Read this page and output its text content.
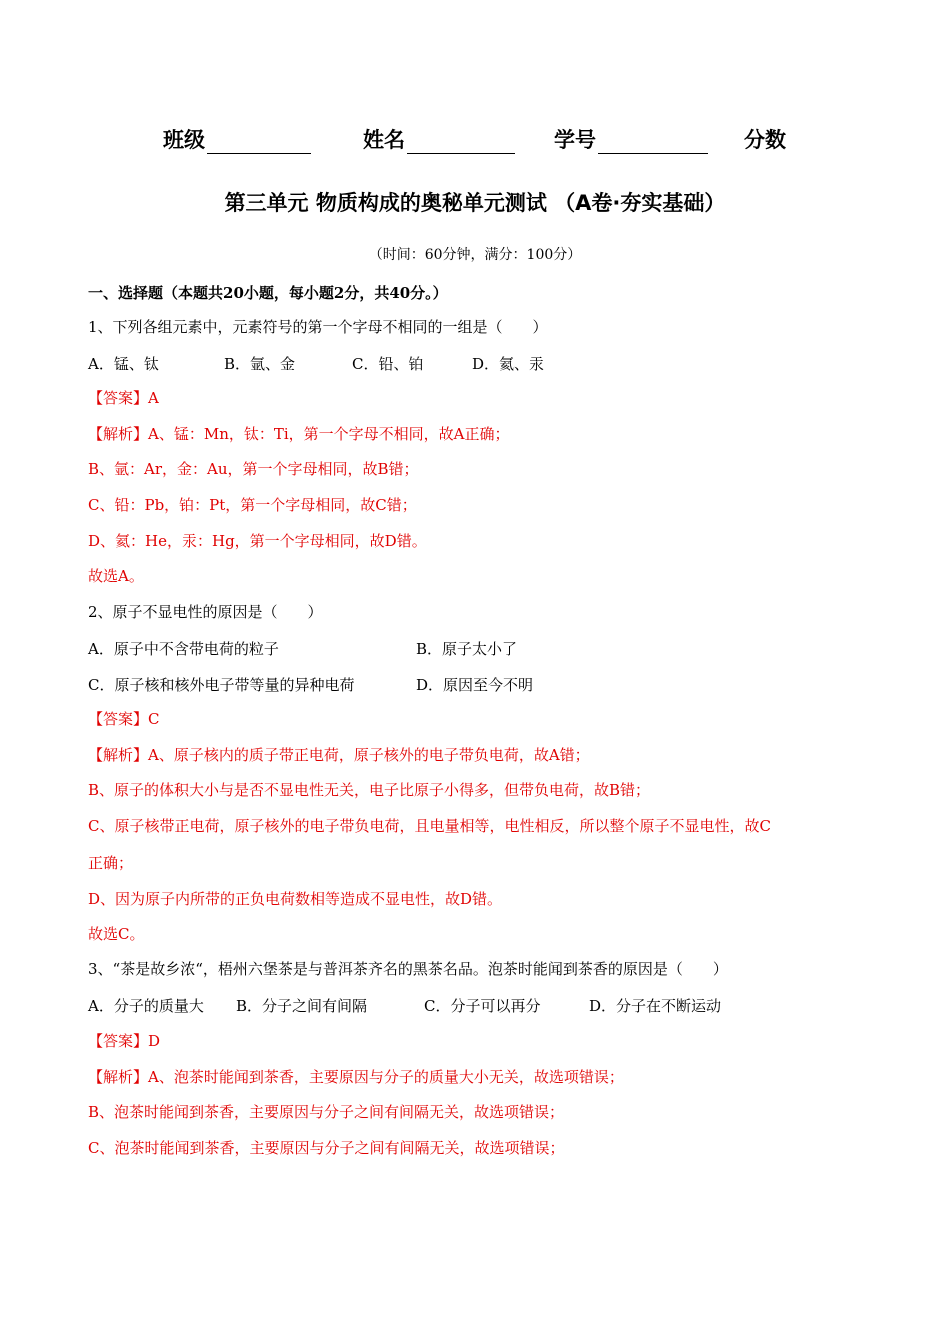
班级	姓名	学号	分数
第三单元 物质构成的奥秘单元测试 （A卷·夯实基础）
（时间：60分钟，满分：100分）
一、选择题（本题共20小题，每小题2分，共40分。）
1、下列各组元素中，元素符号的第一个字母不相同的一组是（　　）
A．锰、钛	B．氩、金	C．铅、铂	D．氦、汞
【答案】A
【解析】A、锰：Mn，钛：Ti，第一个字母不相同，故A正确；
B、氩：Ar，金：Au，第一个字母相同，故B错；
C、铅：Pb，铂：Pt，第一个字母相同，故C错；
D、氦：He，汞：Hg，第一个字母相同，故D错。
故选A。
2、原子不显电性的原因是（　　）
A．原子中不含带电荷的粒子	B．原子太小了
C．原子核和核外电子带等量的异种电荷	D．原因至今不明
【答案】C
【解析】A、原子核内的质子带正电荷，原子核外的电子带负电荷，故A错；
B、原子的体积大小与是否不显电性无关，电子比原子小得多，但带负电荷，故B错；
C、原子核带正电荷，原子核外的电子带负电荷，且电量相等，电性相反，所以整个原子不显电性，故C
正确；
D、因为原子内所带的正负电荷数相等造成不显电性，故D错。
故选C。
3、“茶是故乡浓“，梧州六堡茶是与普洱茶齐名的黑茶名品。泡茶时能闻到茶香的原因是（　　）
A．分子的质量大 B．分子之间有间隔	C．分子可以再分	D．分子在不断运动
【答案】D
【解析】A、泡茶时能闻到茶香，主要原因与分子的质量大小无关，故选项错误；
B、泡茶时能闻到茶香，主要原因与分子之间有间隔无关，故选项错误；
C、泡茶时能闻到茶香，主要原因与分子之间有间隔无关，故选项错误；
